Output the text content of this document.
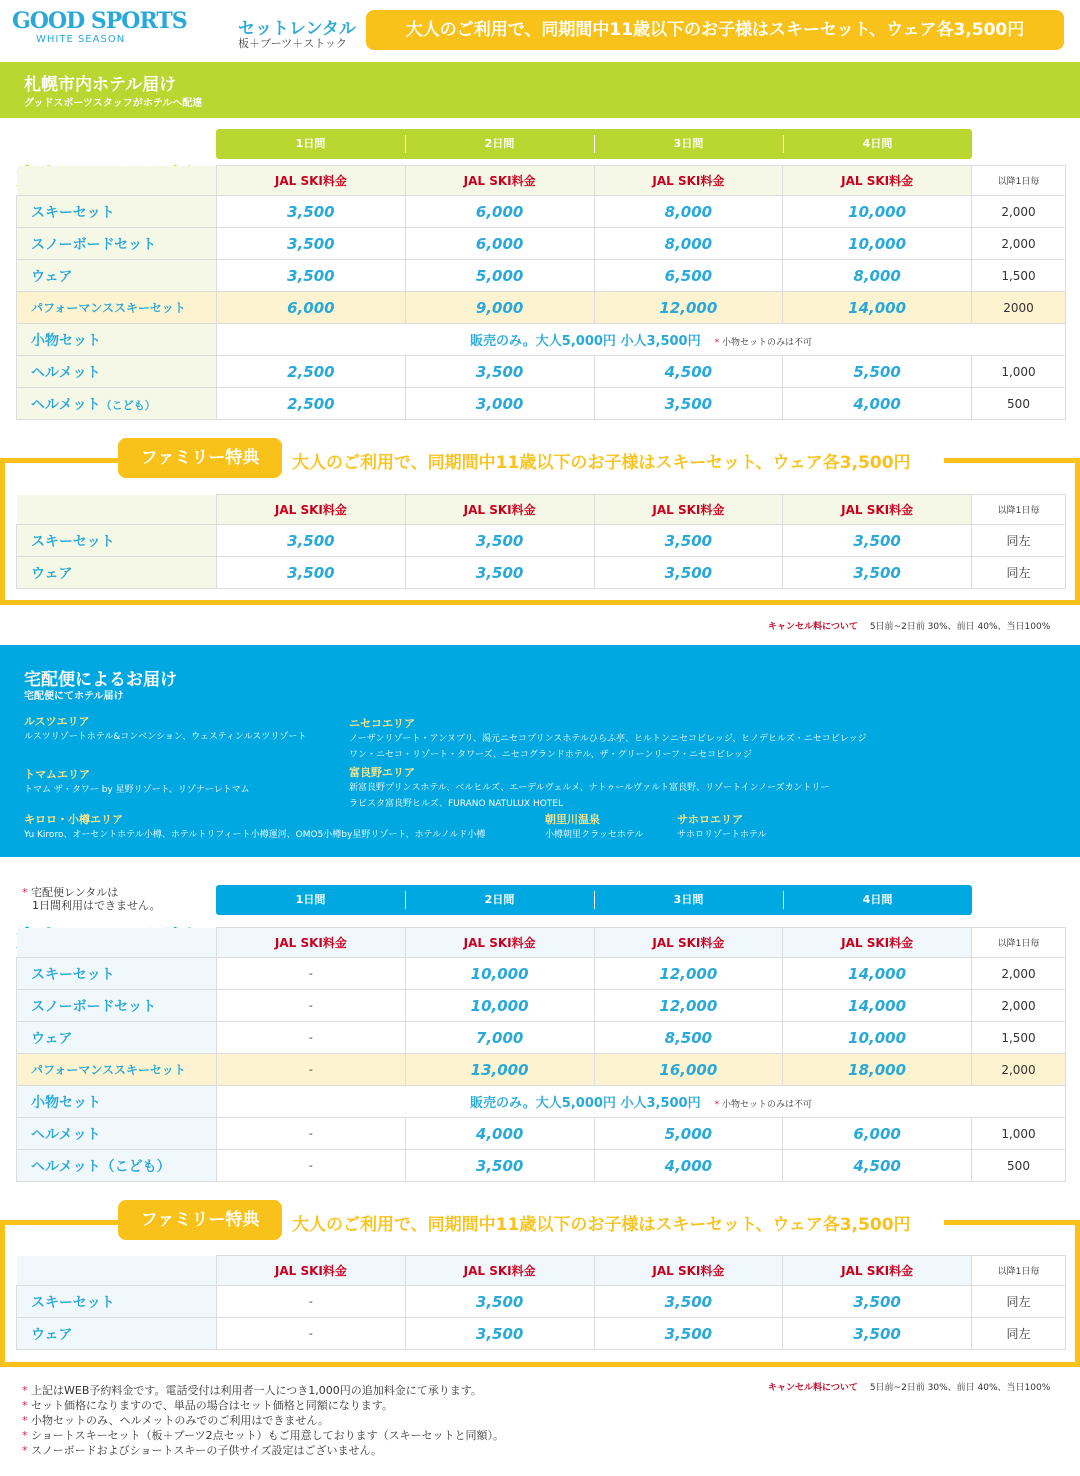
GOOD SPORTS
WHITE SEASON
セットレンタル
板＋ブーツ＋ストック
大人のご利用で、同期間中11歳以下のお子様はスキーセット、ウェア各3,500円
札幌市内ホテル届け
グッドスポーツスタッフがホテルへ配達
1日間	2日間	3日間	4日間
大人・こども同額
		JAL SKI料金	JAL SKI料金	JAL SKI料金	JAL SKI料金	以降1日毎
スキーセット	3,500	6,000	8,000	10,000	2,000
スノーボードセット	3,500	6,000	8,000	10,000	2,000
ウェア	3,500	5,000	6,500	8,000	1,500
パフォーマンススキーセット	6,000	9,000	12,000	14,000	2000
小物セット	販売のみ。大人5,000円 小人3,500円 * 小物セットのみは不可				
ヘルメット	2,500	3,500	4,500	5,500	1,000
ヘルメット（こども）	2,500	3,000	3,500	4,000	500
ファミリー特典	大人のご利用で、同期間中11歳以下のお子様はスキーセット、ウェア各3,500円
ファミリー特典適用価格
		JAL SKI料金	JAL SKI料金	JAL SKI料金	JAL SKI料金	以降1日毎
スキーセット	3,500	3,500	3,500	3,500	同左
ウェア	3,500	3,500	3,500	3,500	同左
キャンセル料について 5日前~2日前 30%、前日 40%、当日100%
宅配便によるお届け
宅配便にてホテル届け
ルスツエリア
ルスツリゾートホテル&コンベンション、ウェスティンルスツリゾート
ニセコエリア
ノーザンリゾート・アンヌプリ、湯元ニセコプリンスホテルひらふ亭、ヒルトンニセコビレッジ、ヒノデヒルズ・ニセコビレッジ
ワン・ニセコ・リゾート・タワーズ、ニセコグランドホテル、ザ・グリーンリーフ・ニセコビレッジ
トマムエリア
トマム ザ・タワー by 星野リゾート、リゾナーレトマム
富良野エリア
新富良野プリンスホテル、ベルヒルズ、エーデルヴェルメ、ナトゥールヴァルト富良野、リゾートインノーズカントリー
ラビスタ富良野ヒルズ、FURANO NATULUX HOTEL
キロロ・小樽エリア
Yu Kiroro、オーセントホテル小樽、ホテルトリフィート小樽運河、OMO5小樽by星野リゾート、ホテルノルド小樽
朝里川温泉
小樽朝里クラッセホテル
サホロエリア
サホロリゾートホテル
* 宅配便レンタルは
1日間利用はできません。	1日間	2日間	3日間	4日間
大人・こども同額
		JAL SKI料金	JAL SKI料金	JAL SKI料金	JAL SKI料金	以降1日毎
スキーセット	-	10,000	12,000	14,000	2,000
スノーボードセット	-	10,000	12,000	14,000	2,000
ウェア	-	7,000	8,500	10,000	1,500
パフォーマンススキーセット	-	13,000	16,000	18,000	2,000
小物セット	販売のみ。大人5,000円 小人3,500円 * 小物セットのみは不可				
ヘルメット	-	4,000	5,000	6,000	1,000
ヘルメット（こども）	-	3,500	4,000	4,500	500
ファミリー特典	大人のご利用で、同期間中11歳以下のお子様はスキーセット、ウェア各3,500円
ファミリー特典適用価格
		JAL SKI料金	JAL SKI料金	JAL SKI料金	JAL SKI料金	以降1日毎
スキーセット	-	3,500	3,500	3,500	同左
ウェア	-	3,500	3,500	3,500	同左
キャンセル料について 5日前~2日前 30%、前日 40%、当日100%
* 上記はWEB予約料金です。電話受付は利用者一人につき1,000円の追加料金にて承ります。
* セット価格になりますので、単品の場合はセット価格と同額になります。
* 小物セットのみ、ヘルメットのみでのご利用はできません。
* ショートスキーセット（板＋ブーツ2点セット）もご用意しております（スキーセットと同額）。
* スノーボードおよびショートスキーの子供サイズ設定はございません。
